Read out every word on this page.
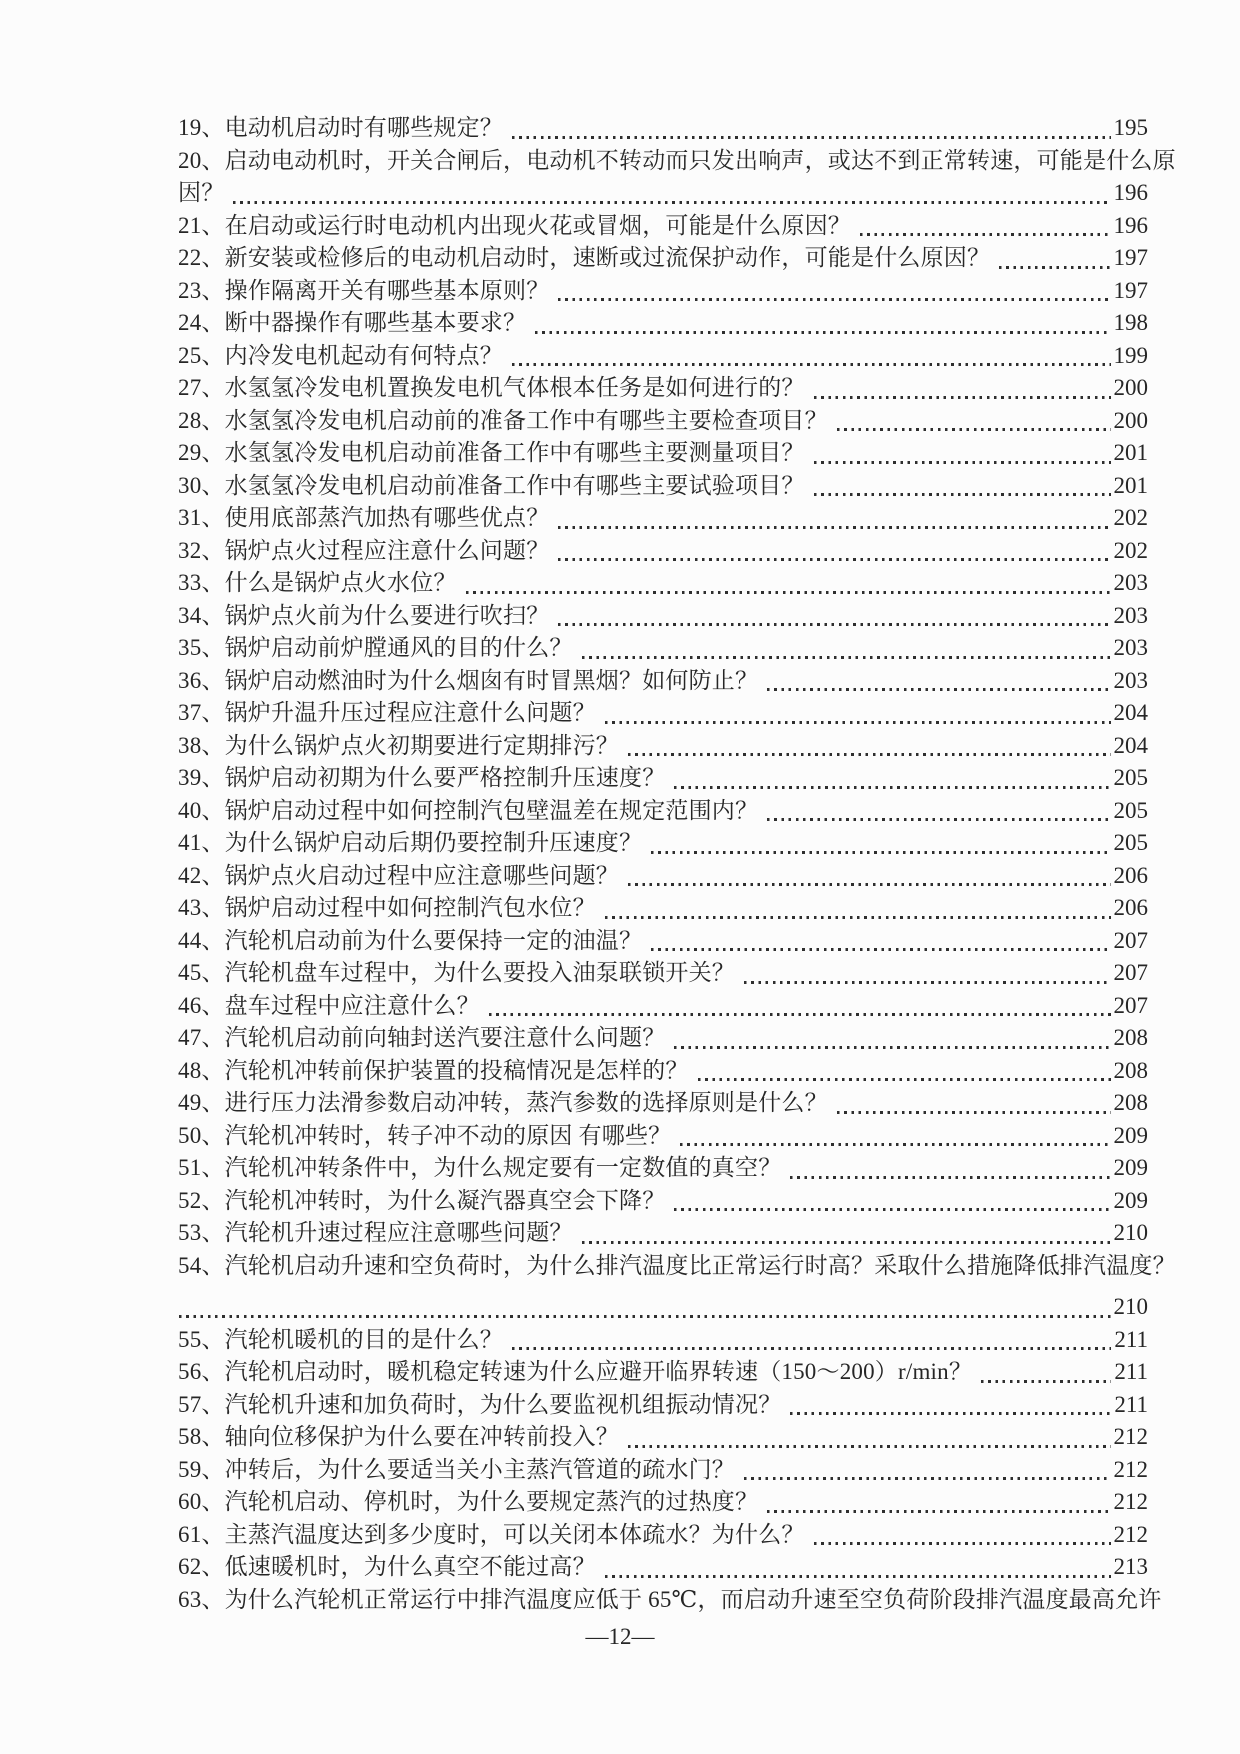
19、电动机启动时有哪些规定？	195
20、启动电动机时，开关合闸后，电动机不转动而只发出响声，或达不到正常转速，可能是什么原
因？	196
21、在启动或运行时电动机内出现火花或冒烟，可能是什么原因？	196
22、新安装或检修后的电动机启动时，速断或过流保护动作，可能是什么原因？	197
23、操作隔离开关有哪些基本原则？	197
24、断中器操作有哪些基本要求？	198
25、内冷发电机起动有何特点？	199
27、水氢氢冷发电机置换发电机气体根本任务是如何进行的？	200
28、水氢氢冷发电机启动前的准备工作中有哪些主要检查项目？	200
29、水氢氢冷发电机启动前准备工作中有哪些主要测量项目？	201
30、水氢氢冷发电机启动前准备工作中有哪些主要试验项目？	201
31、使用底部蒸汽加热有哪些优点？	202
32、锅炉点火过程应注意什么问题？	202
33、什么是锅炉点火水位？	203
34、锅炉点火前为什么要进行吹扫？	203
35、锅炉启动前炉膛通风的目的什么？	203
36、锅炉启动燃油时为什么烟囱有时冒黑烟？如何防止？	203
37、锅炉升温升压过程应注意什么问题？	204
38、为什么锅炉点火初期要进行定期排污？	204
39、锅炉启动初期为什么要严格控制升压速度？	205
40、锅炉启动过程中如何控制汽包壁温差在规定范围内？	205
41、为什么锅炉启动后期仍要控制升压速度？	205
42、锅炉点火启动过程中应注意哪些问题？	206
43、锅炉启动过程中如何控制汽包水位？	206
44、汽轮机启动前为什么要保持一定的油温？	207
45、汽轮机盘车过程中，为什么要投入油泵联锁开关？	207
46、盘车过程中应注意什么？	207
47、汽轮机启动前向轴封送汽要注意什么问题？	208
48、汽轮机冲转前保护装置的投稿情况是怎样的？	208
49、进行压力法滑参数启动冲转，蒸汽参数的选择原则是什么？	208
50、汽轮机冲转时，转子冲不动的原因 有哪些？	209
51、汽轮机冲转条件中，为什么规定要有一定数值的真空？	209
52、汽轮机冲转时，为什么凝汽器真空会下降？	209
53、汽轮机升速过程应注意哪些问题？	210
54、汽轮机启动升速和空负荷时，为什么排汽温度比正常运行时高？采取什么措施降低排汽温度？
210
55、汽轮机暖机的目的是什么？	211
56、汽轮机启动时，暖机稳定转速为什么应避开临界转速（150～200）r/min？	211
57、汽轮机升速和加负荷时，为什么要监视机组振动情况？	211
58、轴向位移保护为什么要在冲转前投入？	212
59、冲转后，为什么要适当关小主蒸汽管道的疏水门？	212
60、汽轮机启动、停机时，为什么要规定蒸汽的过热度？	212
61、主蒸汽温度达到多少度时，可以关闭本体疏水？为什么？	212
62、低速暖机时，为什么真空不能过高？	213
63、为什么汽轮机正常运行中排汽温度应低于 65℃，而启动升速至空负荷阶段排汽温度最高允许
—12—
